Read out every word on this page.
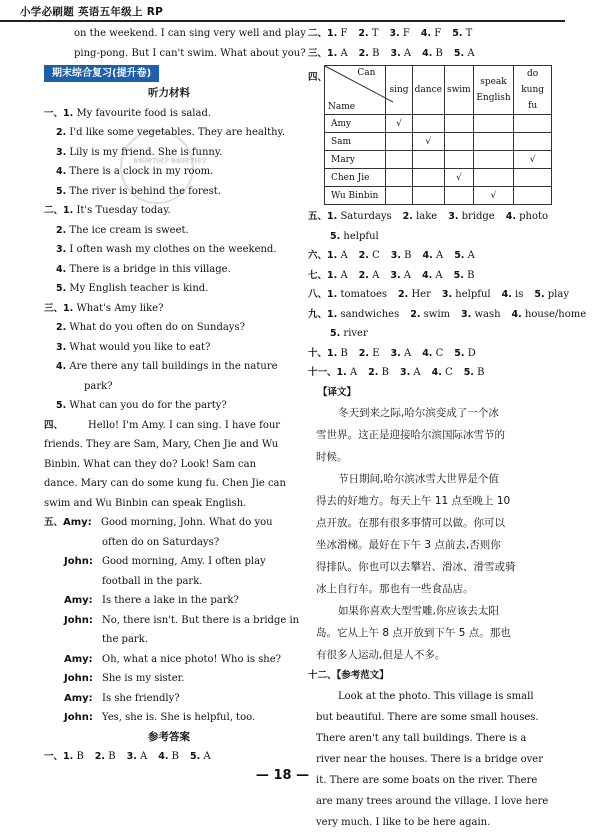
小学必刷题 英语五年级上 RP
你好同学同学 你好同学同学
on the weekend. I can sing very well and play
ping-pong. But I can't swim. What about you?
期末综合复习(提升卷)
听力材料
一、1. My favourite food is salad.
2. I'd like some vegetables. They are healthy.
3. Lily is my friend. She is funny.
4. There is a clock in my room.
5. The river is behind the forest.
二、1. It's Tuesday today.
2. The ice cream is sweet.
3. I often wash my clothes on the weekend.
4. There is a bridge in this village.
5. My English teacher is kind.
三、1. What's Amy like?
2. What do you often do on Sundays?
3. What would you like to eat?
4. Are there any tall buildings in the nature
park?
5. What can you do for the party?
四、 Hello! I'm Amy. I can sing. I have four
friends. They are Sam, Mary, Chen Jie and Wu
Binbin. What can they do? Look! Sam can
dance. Mary can do some kung fu. Chen Jie can
swim and Wu Binbin can speak English.
五、Amy: Good morning, John. What do you
often do on Saturdays?
John: Good morning, Amy. I often play
football in the park.
Amy: Is there a lake in the park?
John: No, there isn't. But there is a bridge in
the park.
Amy: Oh, what a nice photo! Who is she?
John: She is my sister.
Amy: Is she friendly?
John: Yes, she is. She is helpful, too.
参考答案
一、1. B 2. B 3. A 4. B 5. A
二、1. F 2. T 3. F 4. F 5. T
三、1. A 2. B 3. A 4. B 5. A
四、	Can
Name	sing	dance	swim	speak English	do kung fu
Amy	√				
Sam		√			
Mary					√
Chen Jie			√		
Wu Binbin				√	
五、1. Saturdays 2. lake 3. bridge 4. photo
5. helpful
六、1. A 2. C 3. B 4. A 5. A
七、1. A 2. A 3. A 4. A 5. B
八、1. tomatoes 2. Her 3. helpful 4. is 5. play
九、1. sandwiches 2. swim 3. wash 4. house/home
5. river
十、1. B 2. E 3. A 4. C 5. D
十一、1. A 2. B 3. A 4. C 5. B
【译文】
冬天到来之际,哈尔滨变成了一个冰
雪世界。这正是迎接哈尔滨国际冰雪节的
时候。
节日期间,哈尔滨冰雪大世界是个值
得去的好地方。每天上午 11 点至晚上 10
点开放。在那有很多事情可以做。你可以
坐冰滑梯。最好在下午 3 点前去,否则你
得排队。你也可以去攀岩、滑冰、滑雪或骑
冰上自行车。那也有一些食品店。
如果你喜欢大型雪雕,你应该去太阳
岛。它从上午 8 点开放到下午 5 点。那也
有很多人运动,但是人不多。
十二、【参考范文】
Look at the photo. This village is small
but beautiful. There are some small houses.
There aren't any tall buildings. There is a
river near the houses. There is a bridge over
it. There are some boats on the river. There
are many trees around the village. I love here
very much. I like to be here again.
— 18 —
